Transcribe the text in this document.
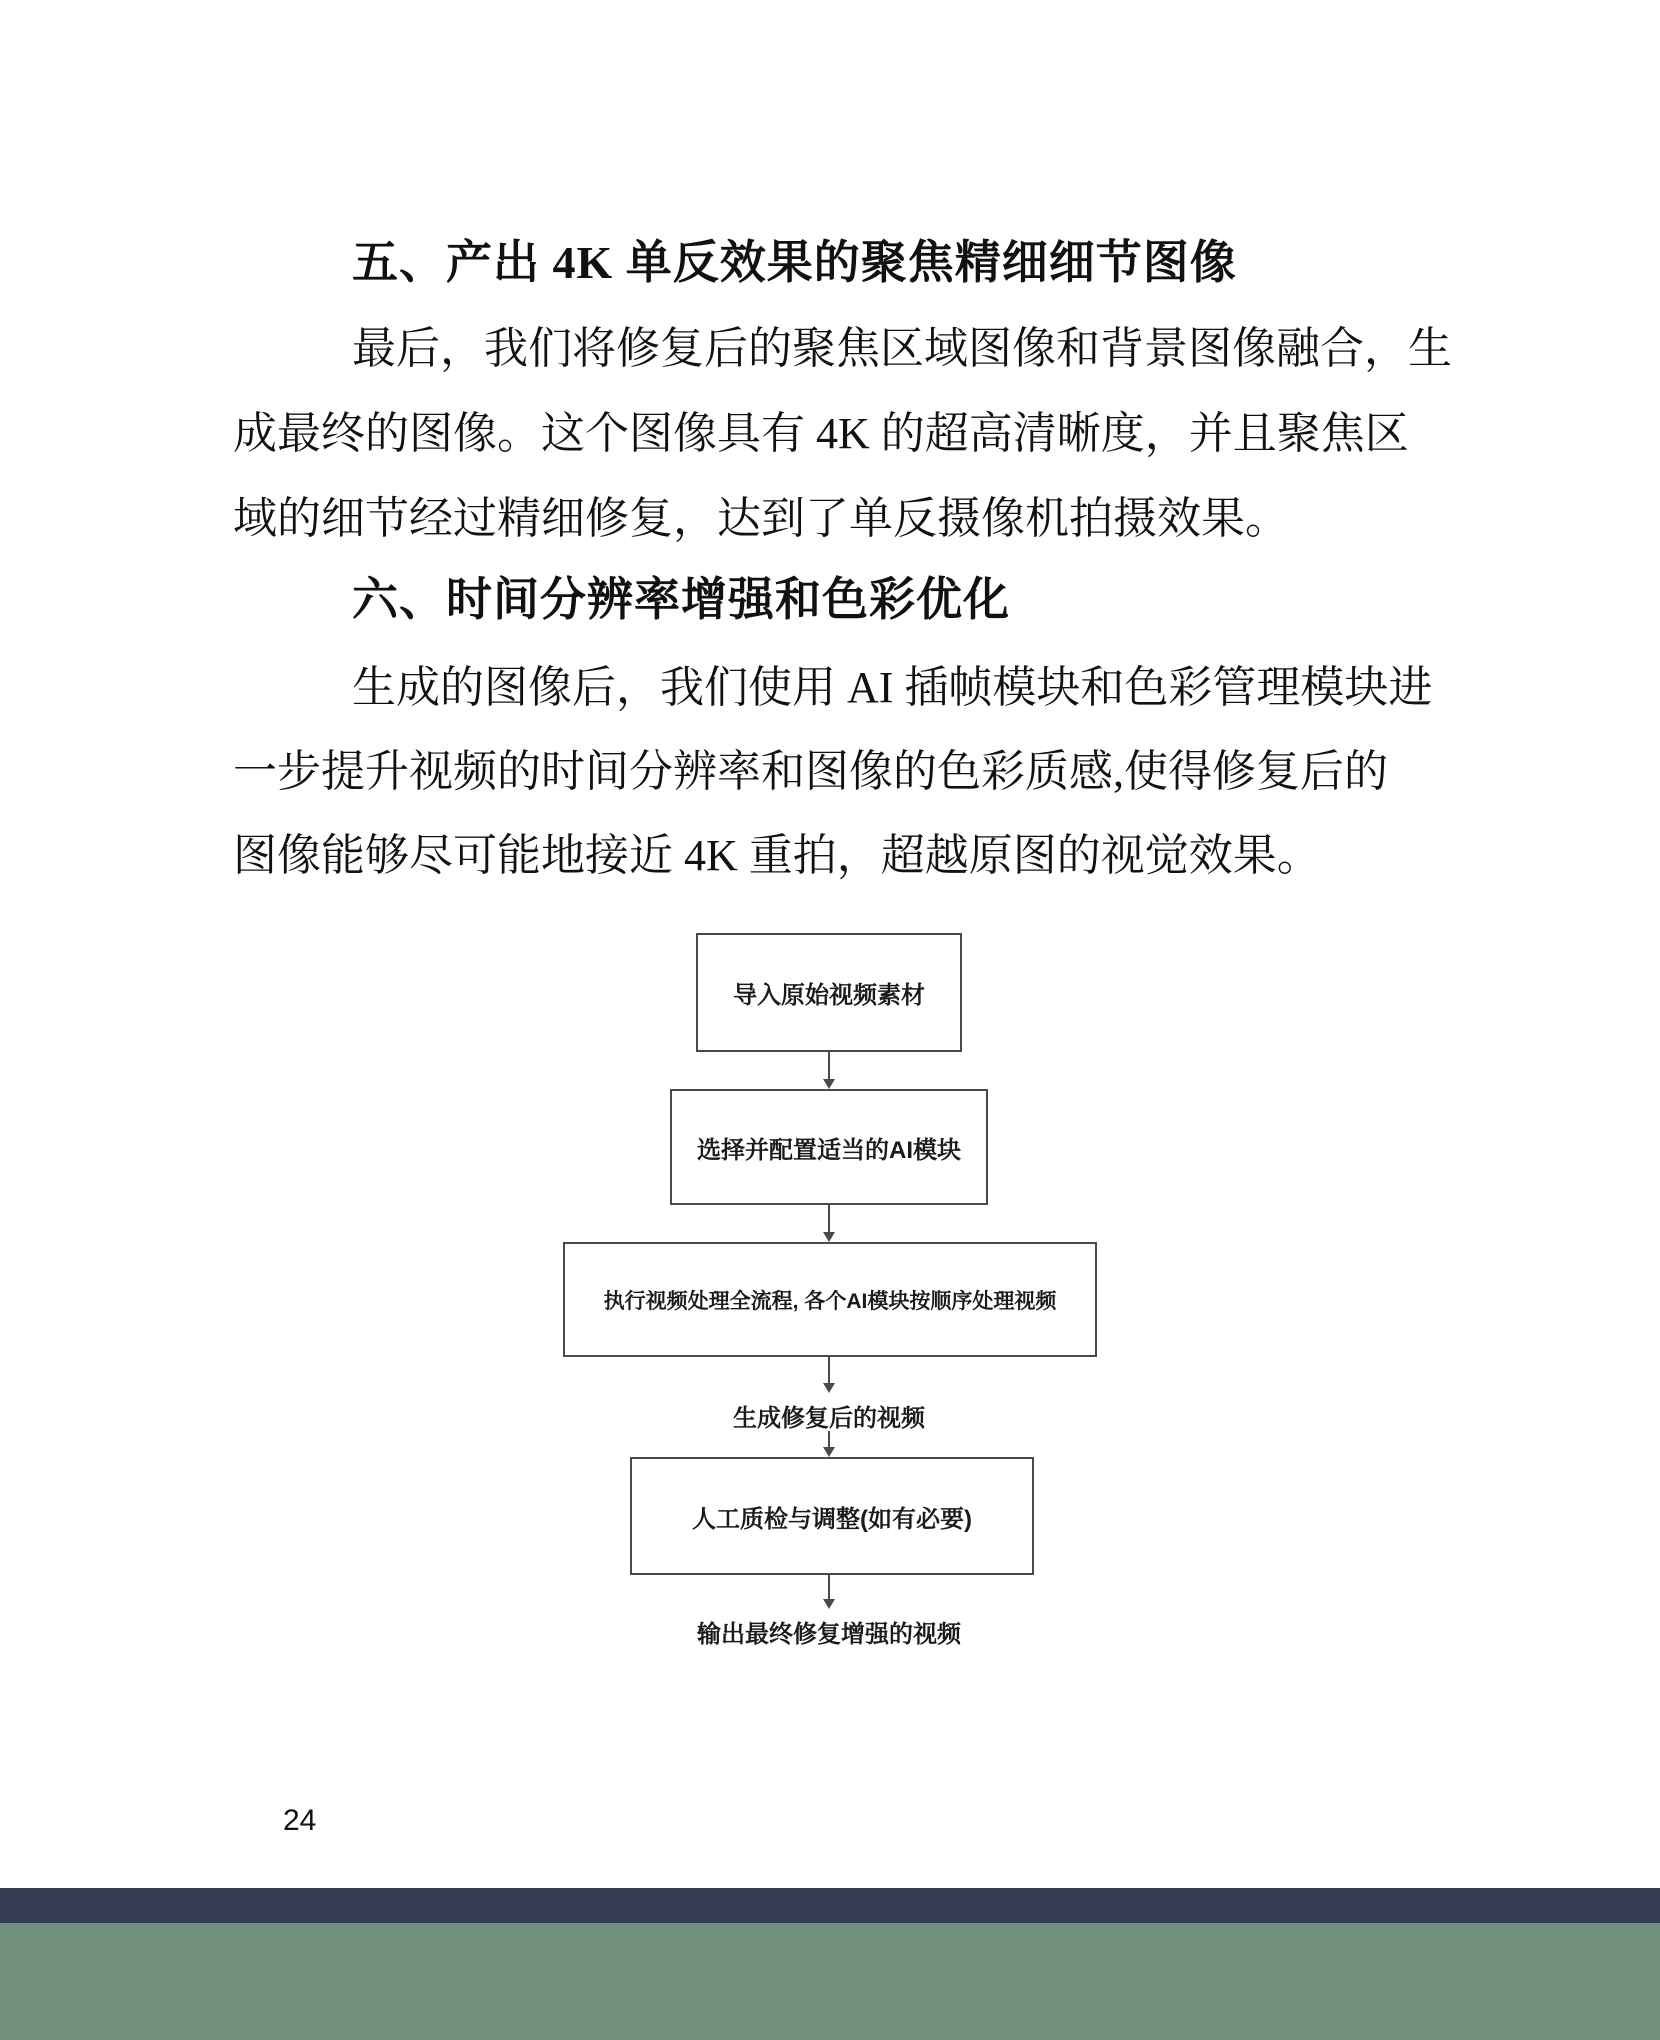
五、产出 4K 单反效果的聚焦精细细节图像
最后，我们将修复后的聚焦区域图像和背景图像融合，生
成最终的图像。这个图像具有 4K 的超高清晰度，并且聚焦区
域的细节经过精细修复，达到了单反摄像机拍摄效果。
六、时间分辨率增强和色彩优化
生成的图像后，我们使用 AI 插帧模块和色彩管理模块进
一步提升视频的时间分辨率和图像的色彩质感,使得修复后的
图像能够尽可能地接近 4K 重拍，超越原图的视觉效果。
导入原始视频素材
选择并配置适当的AI模块
执行视频处理全流程, 各个AI模块按顺序处理视频
生成修复后的视频
人工质检与调整(如有必要)
输出最终修复增强的视频
24
